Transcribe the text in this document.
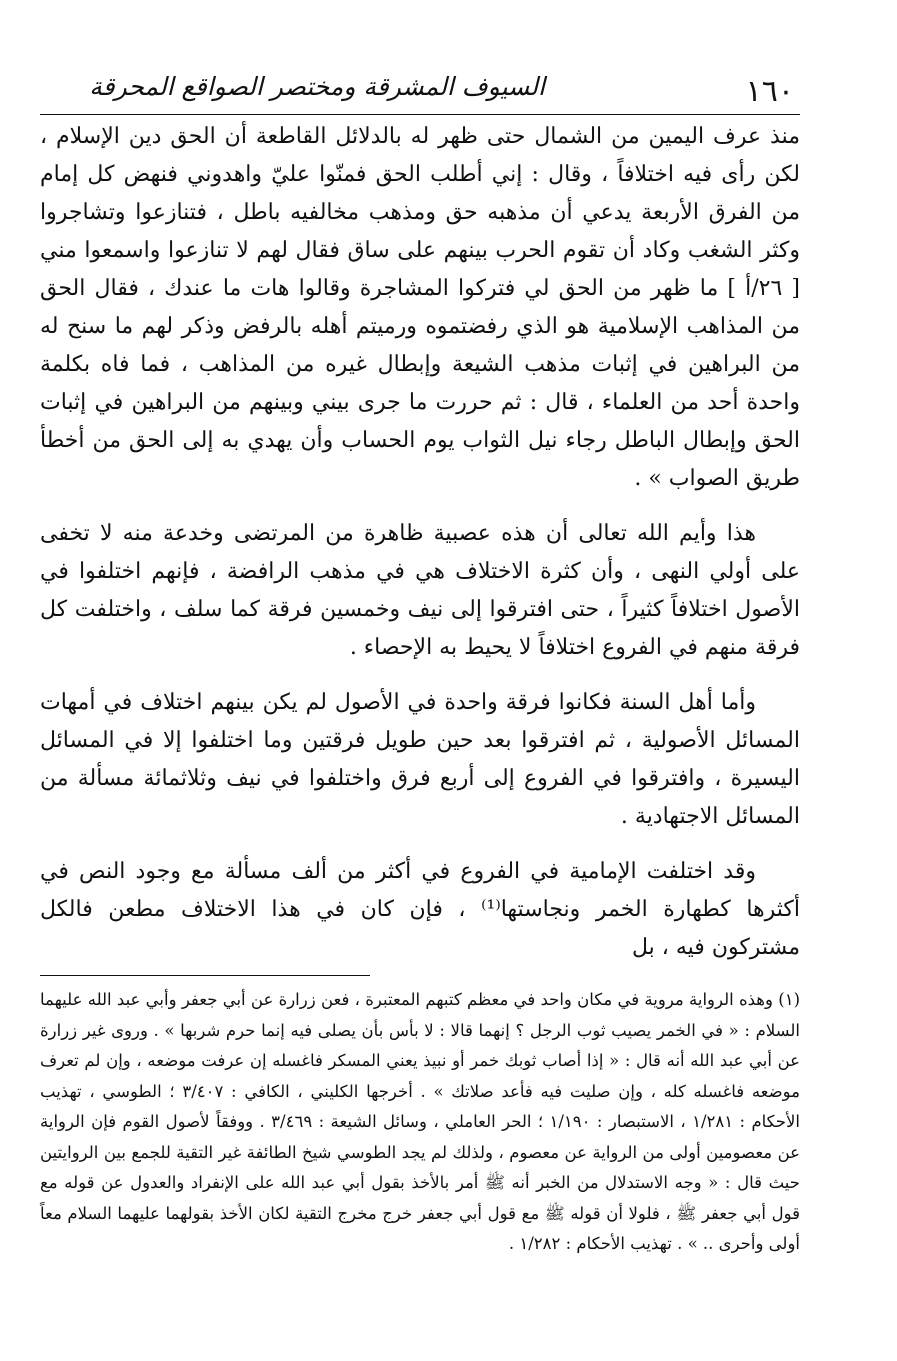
١٦٠
السيوف المشرقة ومختصر الصواقع المحرقة

منذ عرف اليمين من الشمال حتى ظهر له بالدلائل القاطعة أن الحق دين الإسلام ، لكن رأى فيه اختلافاً ، وقال : إني أطلب الحق فمنّوا عليّ واهدوني فنهض كل إمام من الفرق الأربعة يدعي أن مذهبه حق ومذهب مخالفيه باطل ، فتنازعوا وتشاجروا وكثر الشغب وكاد أن تقوم الحرب بينهم على ساق فقال لهم لا تنازعوا واسمعوا مني [ ٢٦/أ ] ما ظهر من الحق لي فتركوا المشاجرة وقالوا هات ما عندك ، فقال الحق من المذاهب الإسلامية هو الذي رفضتموه ورميتم أهله بالرفض وذكر لهم ما سنح له من البراهين في إثبات مذهب الشيعة وإبطال غيره من المذاهب ، فما فاه بكلمة واحدة أحد من العلماء ، قال : ثم حررت ما جرى بيني وبينهم من البراهين في إثبات الحق وإبطال الباطل رجاء نيل الثواب يوم الحساب وأن يهدي به إلى الحق من أخطأ طريق الصواب » .

هذا وأيم الله تعالى أن هذه عصبية ظاهرة من المرتضى وخدعة منه لا تخفى على أولي النهى ، وأن كثرة الاختلاف هي في مذهب الرافضة ، فإنهم اختلفوا في الأصول اختلافاً كثيراً ، حتى افترقوا إلى نيف وخمسين فرقة كما سلف ، واختلفت كل فرقة منهم في الفروع اختلافاً لا يحيط به الإحصاء .

وأما أهل السنة فكانوا فرقة واحدة في الأصول لم يكن بينهم اختلاف في أمهات المسائل الأصولية ، ثم افترقوا بعد حين طويل فرقتين وما اختلفوا إلا في المسائل اليسيرة ، وافترقوا في الفروع إلى أربع فرق واختلفوا في نيف وثلاثمائة مسألة من المسائل الاجتهادية .

وقد اختلفت الإمامية في الفروع في أكثر من ألف مسألة مع وجود النص في أكثرها كطهارة الخمر ونجاستها⁽¹⁾ ، فإن كان في هذا الاختلاف مطعن فالكل مشتركون فيه ، بل

(١) وهذه الرواية مروية في مكان واحد في معظم كتبهم المعتبرة ، فعن زرارة عن أبي جعفر وأبي عبد الله عليهما السلام : « في الخمر يصيب ثوب الرجل ؟ إنهما قالا : لا بأس بأن يصلى فيه إنما حرم شربها » . وروى غير زرارة عن أبي عبد الله أنه قال : « إذا أصاب ثوبك خمر أو نبيذ يعني المسكر فاغسله إن عرفت موضعه ، وإن لم تعرف موضعه فاغسله كله ، وإن صليت فيه فأعد صلاتك » . أخرجها الكليني ، الكافي : ٣/٤٠٧ ؛ الطوسي ، تهذيب الأحكام : ١/٢٨١ ، الاستبصار : ١/١٩٠ ؛ الحر العاملي ، وسائل الشيعة : ٣/٤٦٩ . ووفقاً لأصول القوم فإن الرواية عن معصومين أولى من الرواية عن معصوم ، ولذلك لم يجد الطوسي شيخ الطائفة غير التقية للجمع بين الروايتين حيث قال : « وجه الاستدلال من الخبر أنه ﷺ أمر بالأخذ بقول أبي عبد الله على الإنفراد والعدول عن قوله مع قول أبي جعفر ﷺ ، فلولا أن قوله ﷺ مع قول أبي جعفر خرج مخرج التقية لكان الأخذ بقولهما عليهما السلام معاً أولى وأحرى .. » . تهذيب الأحكام : ١/٢٨٢ .
